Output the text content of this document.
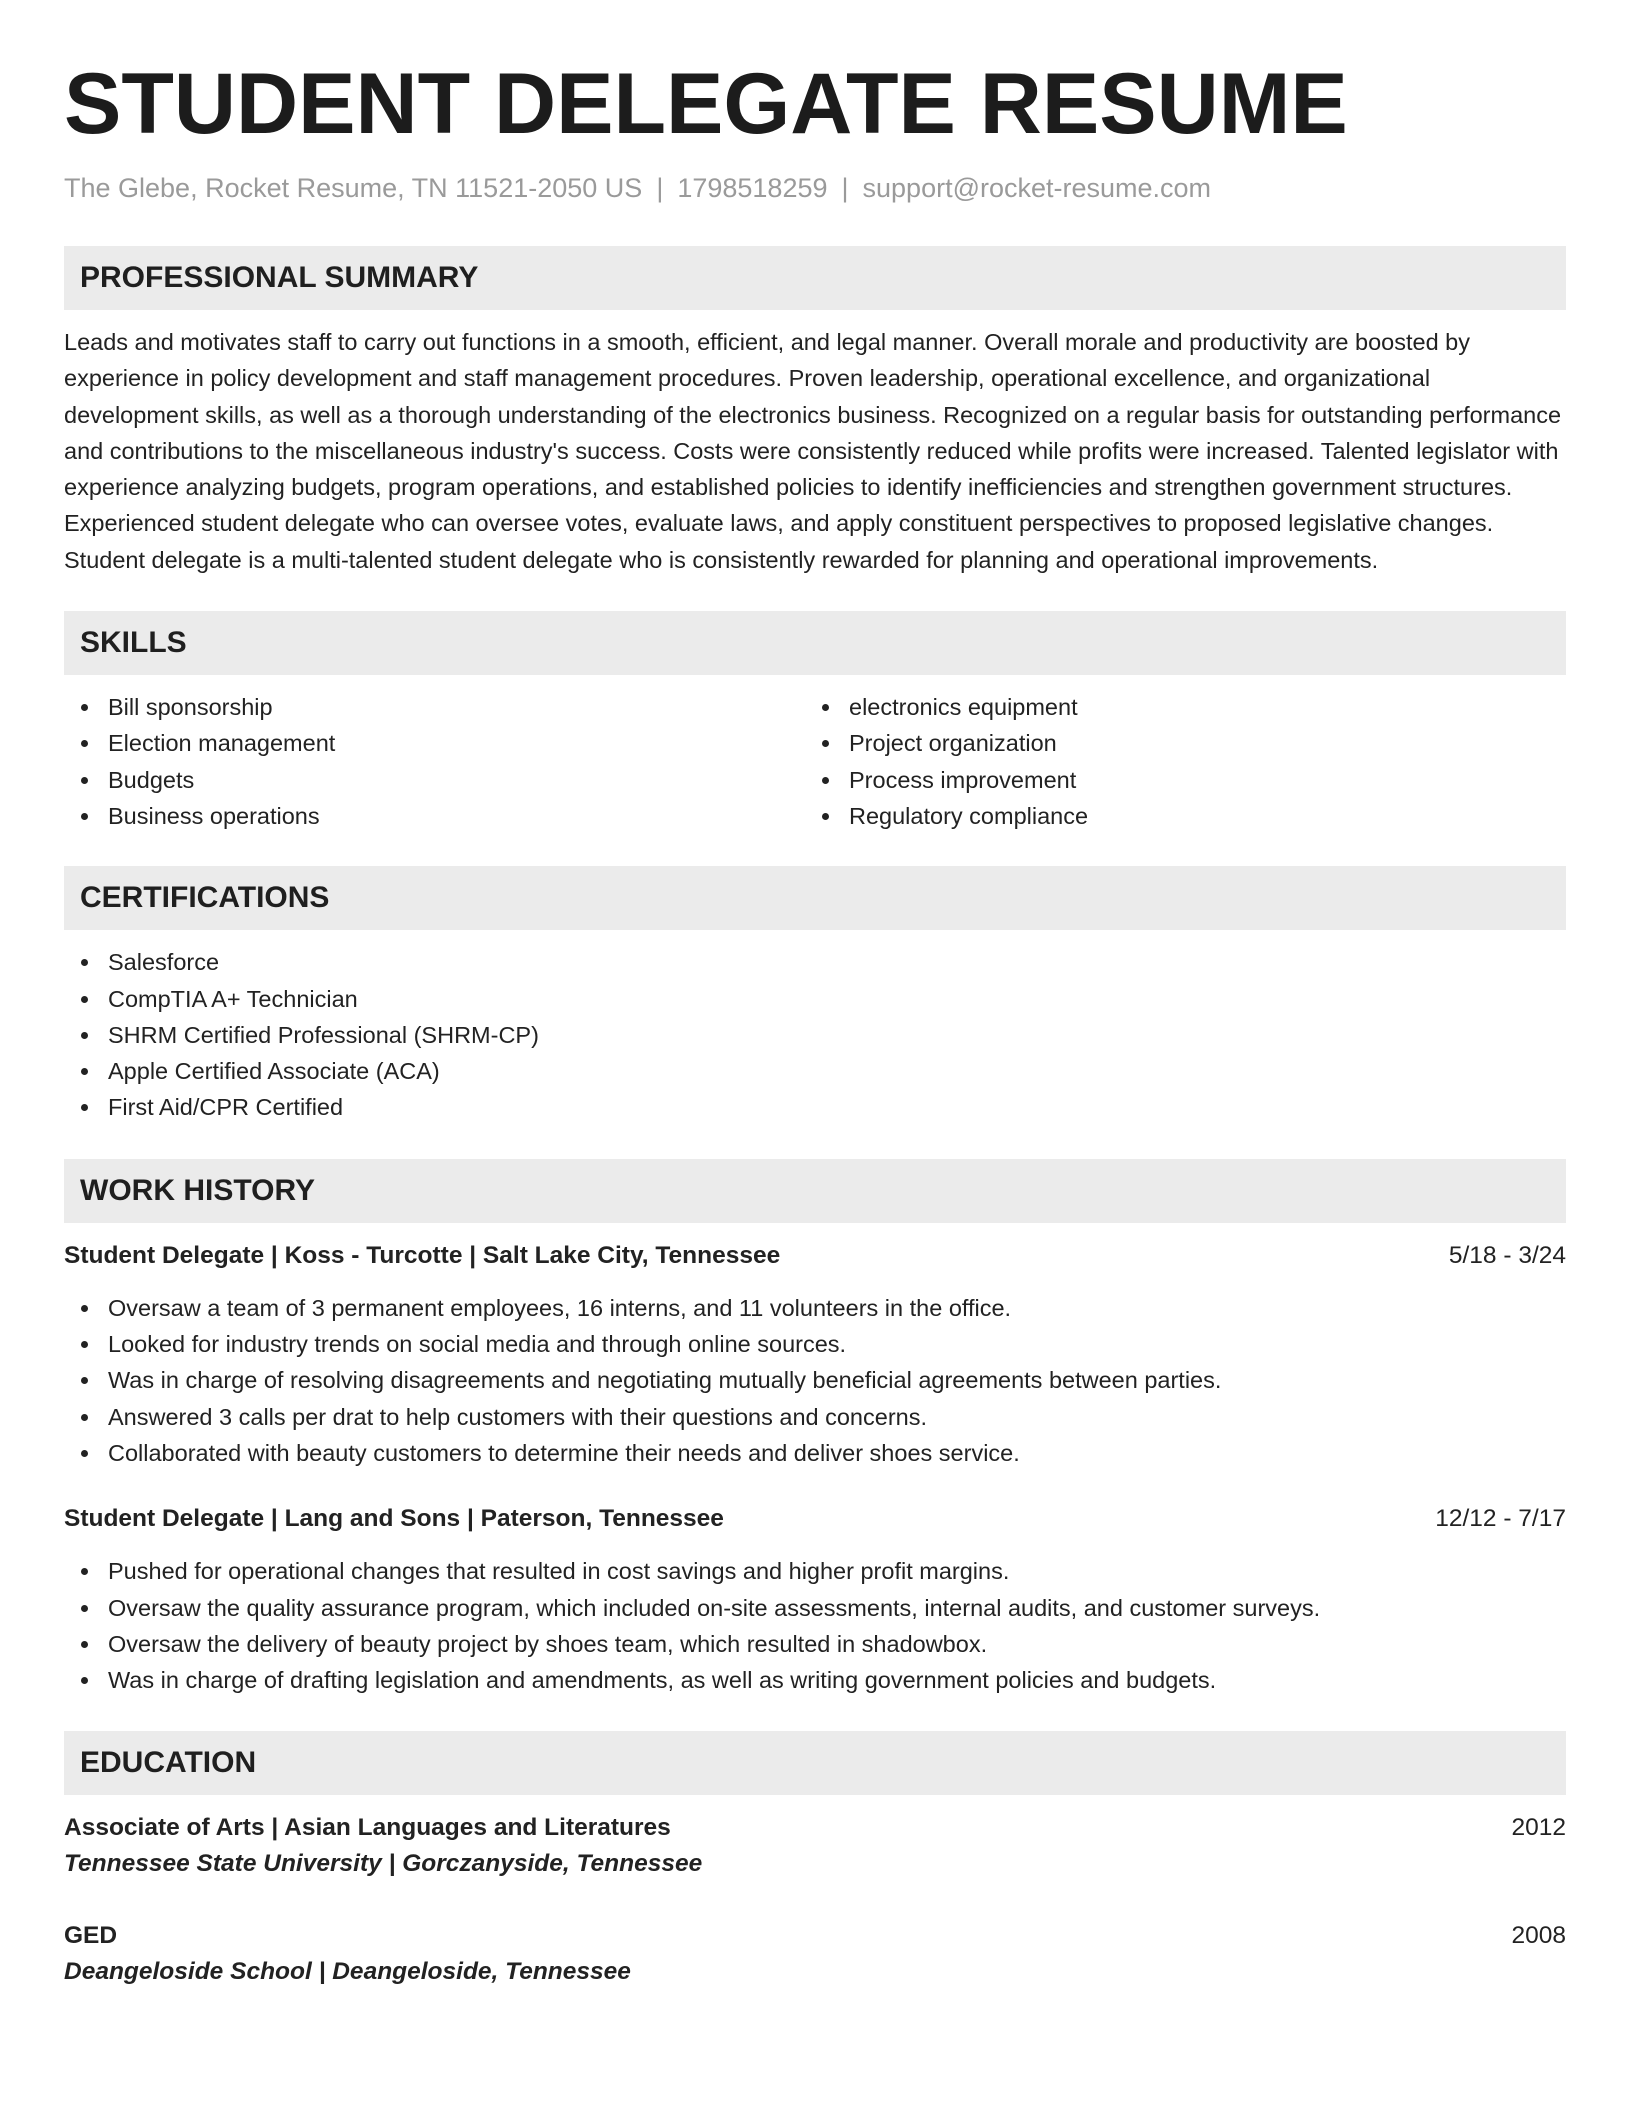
STUDENT DELEGATE RESUME
The Glebe, Rocket Resume, TN 11521-2050 US | 1798518259 | support@rocket-resume.com
PROFESSIONAL SUMMARY

Leads and motivates staff to carry out functions in a smooth, efficient, and legal manner. Overall morale and productivity are boosted by experience in policy development and staff management procedures. Proven leadership, operational excellence, and organizational development skills, as well as a thorough understanding of the electronics business. Recognized on a regular basis for outstanding performance and contributions to the miscellaneous industry's success. Costs were consistently reduced while profits were increased. Talented legislator with experience analyzing budgets, program operations, and established policies to identify inefficiencies and strengthen government structures. Experienced student delegate who can oversee votes, evaluate laws, and apply constituent perspectives to proposed legislative changes. Student delegate is a multi-talented student delegate who is consistently rewarded for planning and operational improvements.

SKILLS
Bill sponsorship
Election management
Budgets
Business operations
electronics equipment
Project organization
Process improvement
Regulatory compliance
CERTIFICATIONS
Salesforce
CompTIA A+ Technician
SHRM Certified Professional (SHRM-CP)
Apple Certified Associate (ACA)
First Aid/CPR Certified
WORK HISTORY
Student Delegate | Koss - Turcotte | Salt Lake City, Tennessee	5/18 - 3/24
Oversaw a team of 3 permanent employees, 16 interns, and 11 volunteers in the office.
Looked for industry trends on social media and through online sources.
Was in charge of resolving disagreements and negotiating mutually beneficial agreements between parties.
Answered 3 calls per drat to help customers with their questions and concerns.
Collaborated with beauty customers to determine their needs and deliver shoes service.
Student Delegate | Lang and Sons | Paterson, Tennessee	12/12 - 7/17
Pushed for operational changes that resulted in cost savings and higher profit margins.
Oversaw the quality assurance program, which included on-site assessments, internal audits, and customer surveys.
Oversaw the delivery of beauty project by shoes team, which resulted in shadowbox.
Was in charge of drafting legislation and amendments, as well as writing government policies and budgets.
EDUCATION
Associate of Arts | Asian Languages and Literatures	2012
Tennessee State University | Gorczanyside, Tennessee
GED	2008
Deangeloside School | Deangeloside, Tennessee
